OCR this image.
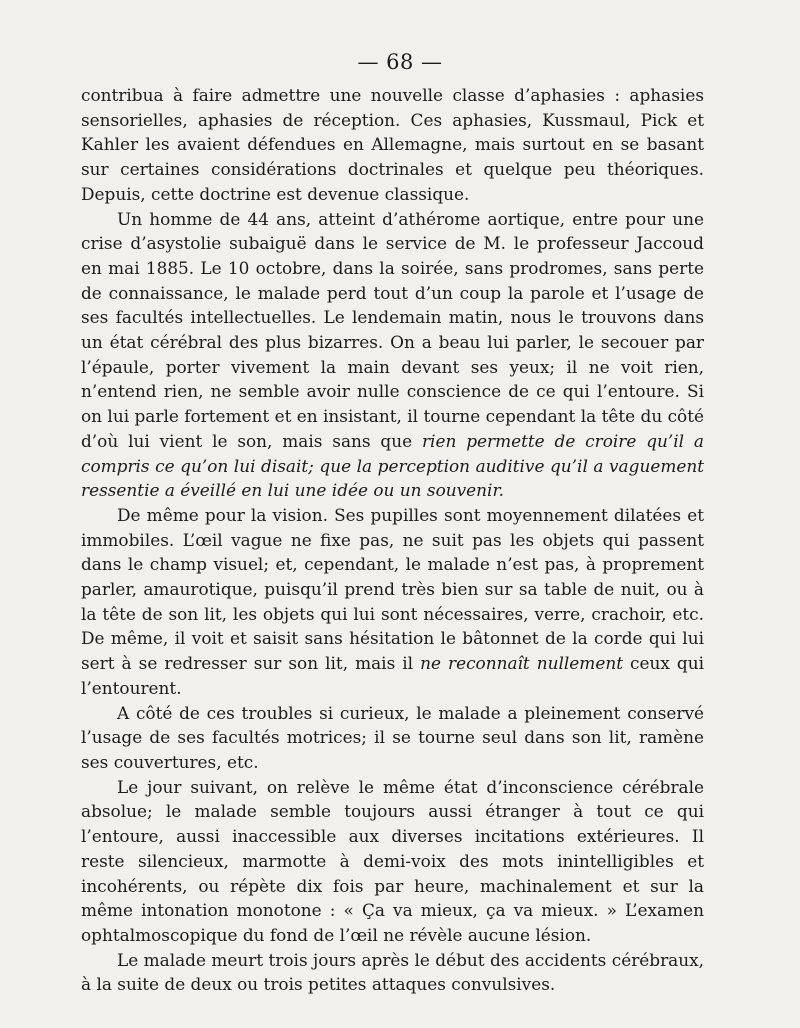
— 68 —

contribua à faire admettre une nouvelle classe d’aphasies : aphasies sensorielles, aphasies de réception. Ces aphasies, Kussmaul, Pick et Kahler les avaient défendues en Allemagne, mais surtout en se basant sur certaines considérations doctrinales et quelque peu théoriques. Depuis, cette doctrine est devenue classique.

Un homme de 44 ans, atteint d’athérome aortique, entre pour une crise d’asystolie subaiguë dans le service de M. le professeur Jaccoud en mai 1885. Le 10 octobre, dans la soirée, sans prodromes, sans perte de connaissance, le malade perd tout d’un coup la parole et l’usage de ses facultés intellectuelles. Le lendemain matin, nous le trouvons dans un état cérébral des plus bizarres. On a beau lui parler, le secouer par l’épaule, porter vivement la main devant ses yeux; il ne voit rien, n’entend rien, ne semble avoir nulle conscience de ce qui l’entoure. Si on lui parle fortement et en insistant, il tourne cependant la tête du côté d’où lui vient le son, mais sans que rien permette de croire qu’il a compris ce qu’on lui disait; que la perception auditive qu’il a vaguement ressentie a éveillé en lui une idée ou un souvenir.

De même pour la vision. Ses pupilles sont moyennement dilatées et immobiles. L’œil vague ne fixe pas, ne suit pas les objets qui passent dans le champ visuel; et, cependant, le malade n’est pas, à proprement parler, amaurotique, puisqu’il prend très bien sur sa table de nuit, ou à la tête de son lit, les objets qui lui sont nécessaires, verre, crachoir, etc. De même, il voit et saisit sans hésitation le bâtonnet de la corde qui lui sert à se redresser sur son lit, mais il ne reconnaît nullement ceux qui l’entourent.

A côté de ces troubles si curieux, le malade a pleinement conservé l’usage de ses facultés motrices; il se tourne seul dans son lit, ramène ses couvertures, etc.

Le jour suivant, on relève le même état d’inconscience cérébrale absolue; le malade semble toujours aussi étranger à tout ce qui l’entoure, aussi inaccessible aux diverses incitations extérieures. Il reste silencieux, marmotte à demi-voix des mots inintelligibles et incohérents, ou répète dix fois par heure, machinalement et sur la même intonation monotone : « Ça va mieux, ça va mieux. » L’examen ophtalmoscopique du fond de l’œil ne révèle aucune lésion.

Le malade meurt trois jours après le début des accidents cérébraux, à la suite de deux ou trois petites attaques convulsives.
